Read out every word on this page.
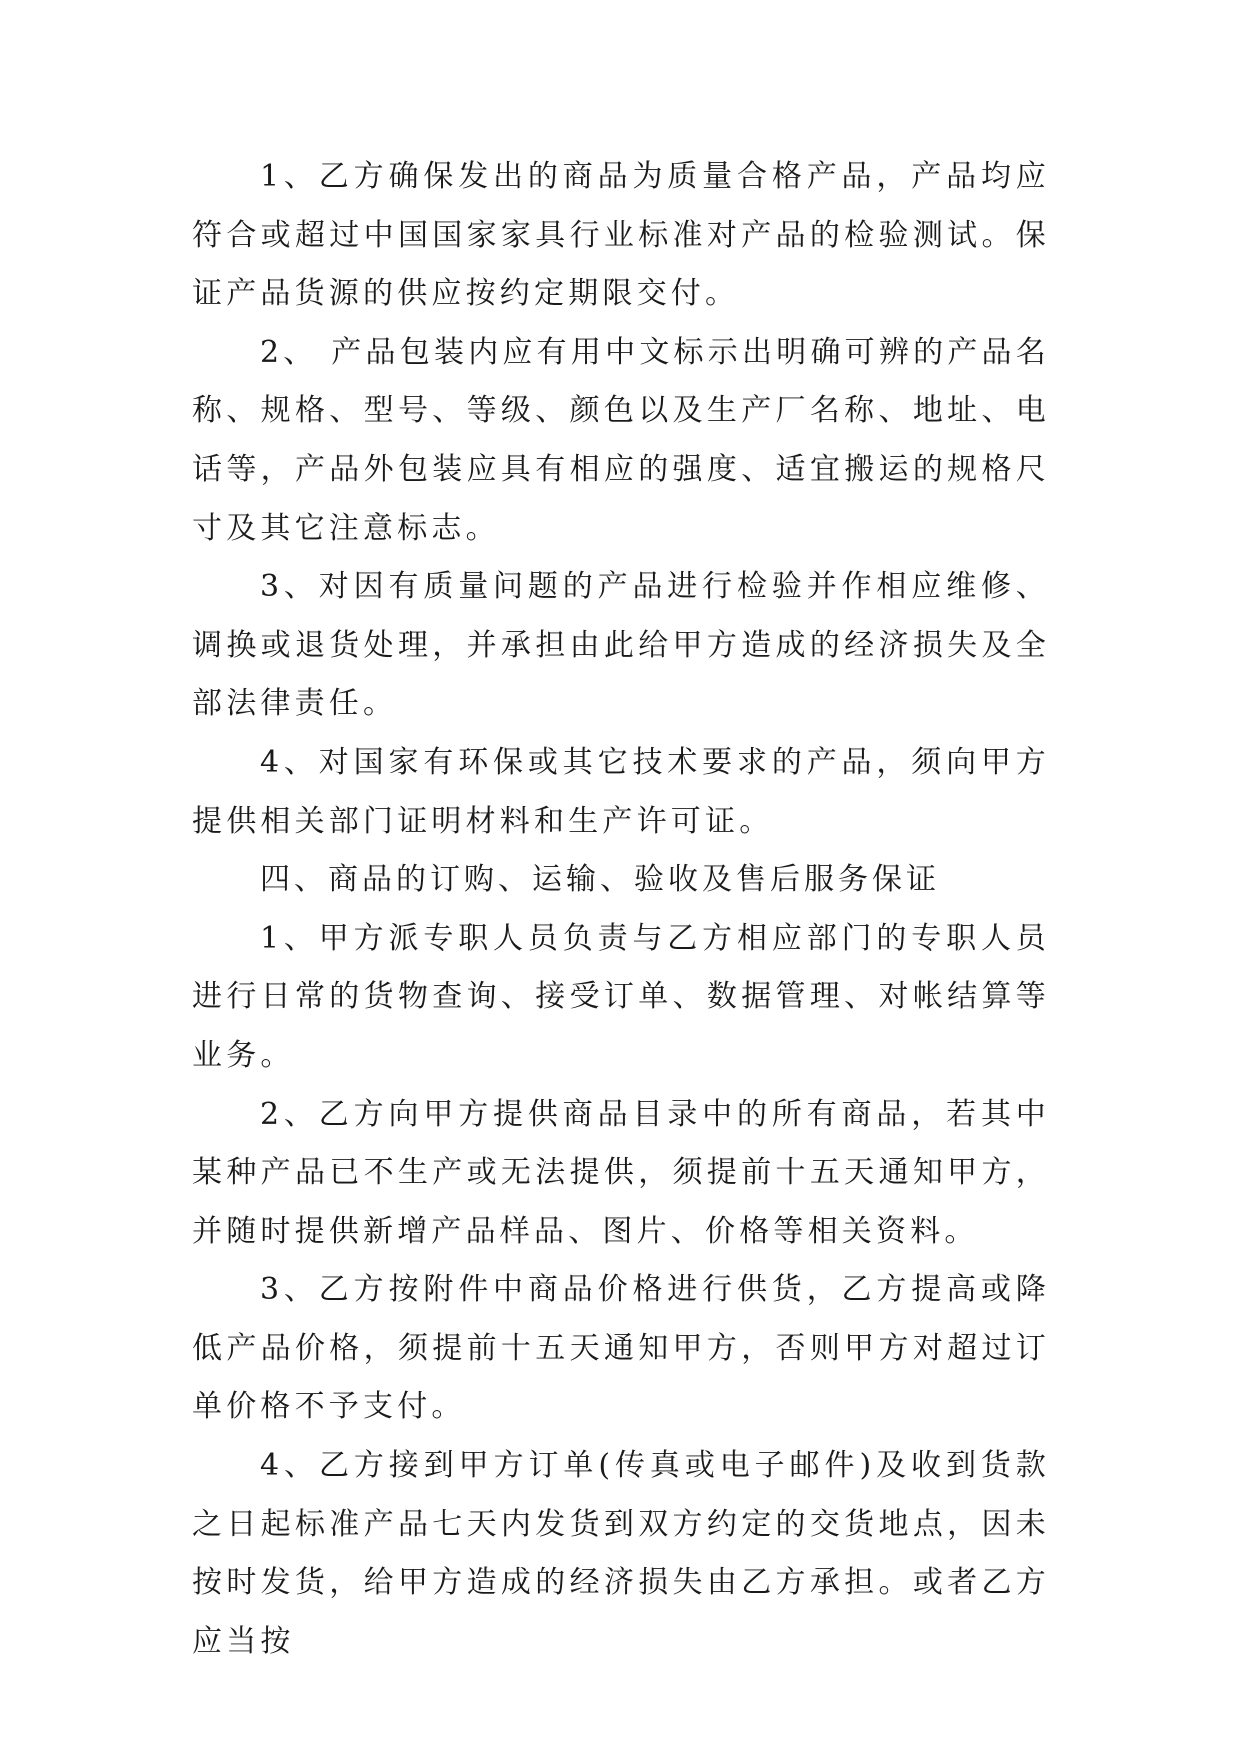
1、乙方确保发出的商品为质量合格产品，产品均应符合或超过中国国家家具行业标准对产品的检验测试。保证产品货源的供应按约定期限交付。

2、 产品包装内应有用中文标示出明确可辨的产品名称、规格、型号、等级、颜色以及生产厂名称、地址、电话等，产品外包装应具有相应的强度、适宜搬运的规格尺寸及其它注意标志。

3、对因有质量问题的产品进行检验并作相应维修、调换或退货处理，并承担由此给甲方造成的经济损失及全部法律责任。

4、对国家有环保或其它技术要求的产品，须向甲方提供相关部门证明材料和生产许可证。

四、商品的订购、运输、验收及售后服务保证

1、甲方派专职人员负责与乙方相应部门的专职人员进行日常的货物查询、接受订单、数据管理、对帐结算等业务。

2、乙方向甲方提供商品目录中的所有商品，若其中某种产品已不生产或无法提供，须提前十五天通知甲方，并随时提供新增产品样品、图片、价格等相关资料。

3、乙方按附件中商品价格进行供货，乙方提高或降低产品价格，须提前十五天通知甲方，否则甲方对超过订单价格不予支付。

4、乙方接到甲方订单(传真或电子邮件)及收到货款之日起标准产品七天内发货到双方约定的交货地点，因未按时发货，给甲方造成的经济损失由乙方承担。或者乙方应当按
